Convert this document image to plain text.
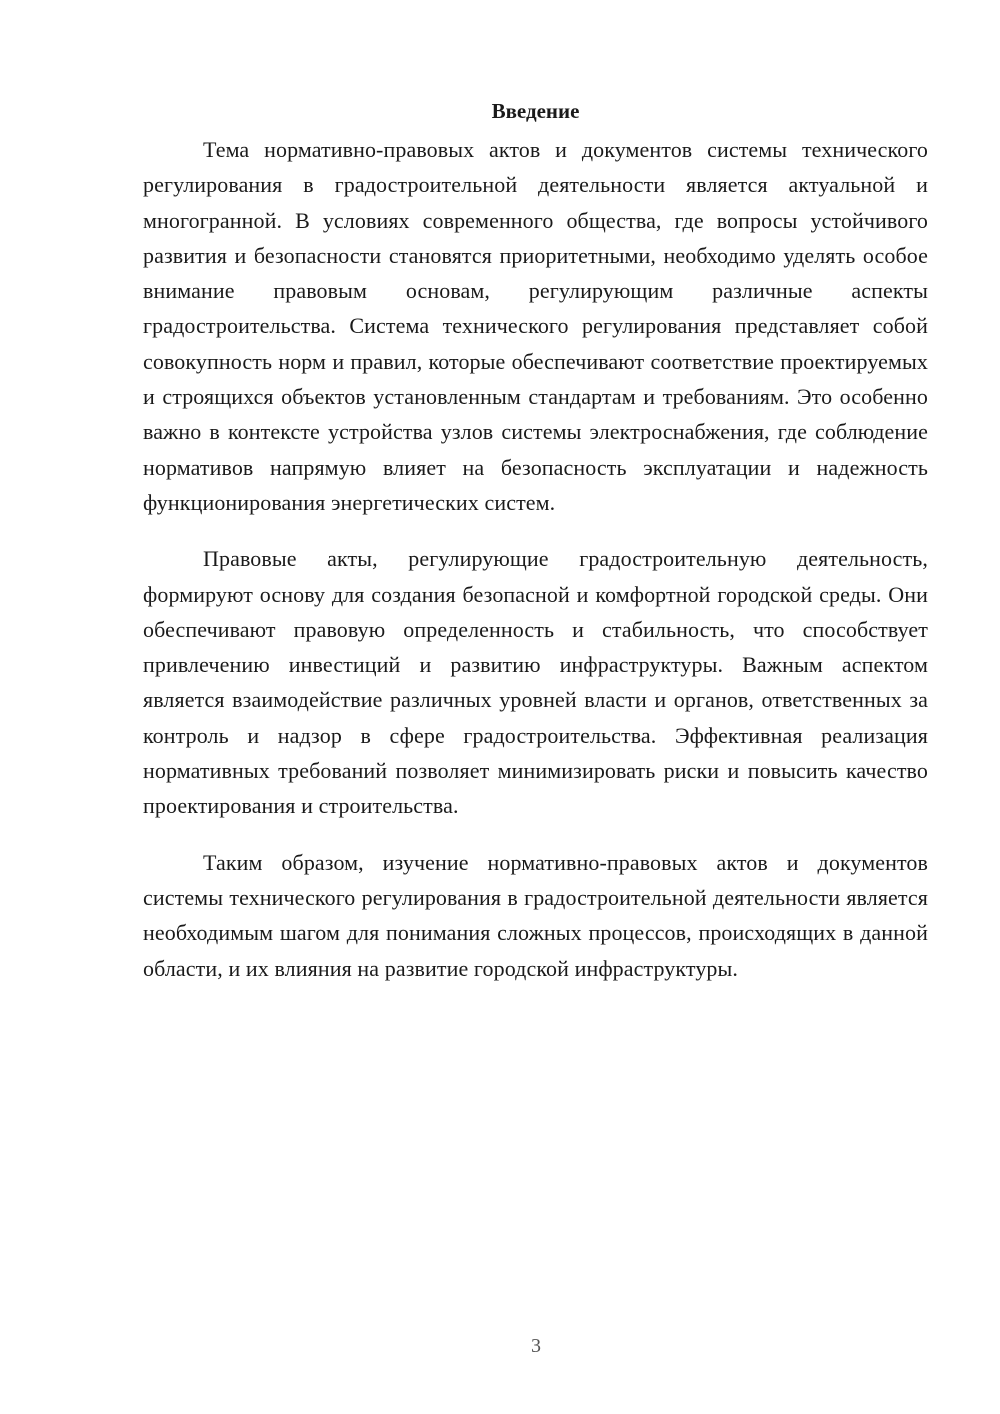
Введение

Тема нормативно-правовых актов и документов системы технического регулирования в градостроительной деятельности является актуальной и многогранной. В условиях современного общества, где вопросы устойчивого развития и безопасности становятся приоритетными, необходимо уделять особое внимание правовым основам, регулирующим различные аспекты градостроительства. Система технического регулирования представляет собой совокупность норм и правил, которые обеспечивают соответствие проектируемых и строящихся объектов установленным стандартам и требованиям. Это особенно важно в контексте устройства узлов системы электроснабжения, где соблюдение нормативов напрямую влияет на безопасность эксплуатации и надежность функционирования энергетических систем.

Правовые акты, регулирующие градостроительную деятельность, формируют основу для создания безопасной и комфортной городской среды. Они обеспечивают правовую определенность и стабильность, что способствует привлечению инвестиций и развитию инфраструктуры. Важным аспектом является взаимодействие различных уровней власти и органов, ответственных за контроль и надзор в сфере градостроительства. Эффективная реализация нормативных требований позволяет минимизировать риски и повысить качество проектирования и строительства.

Таким образом, изучение нормативно-правовых актов и документов системы технического регулирования в градостроительной деятельности является необходимым шагом для понимания сложных процессов, происходящих в данной области, и их влияния на развитие городской инфраструктуры.

3
